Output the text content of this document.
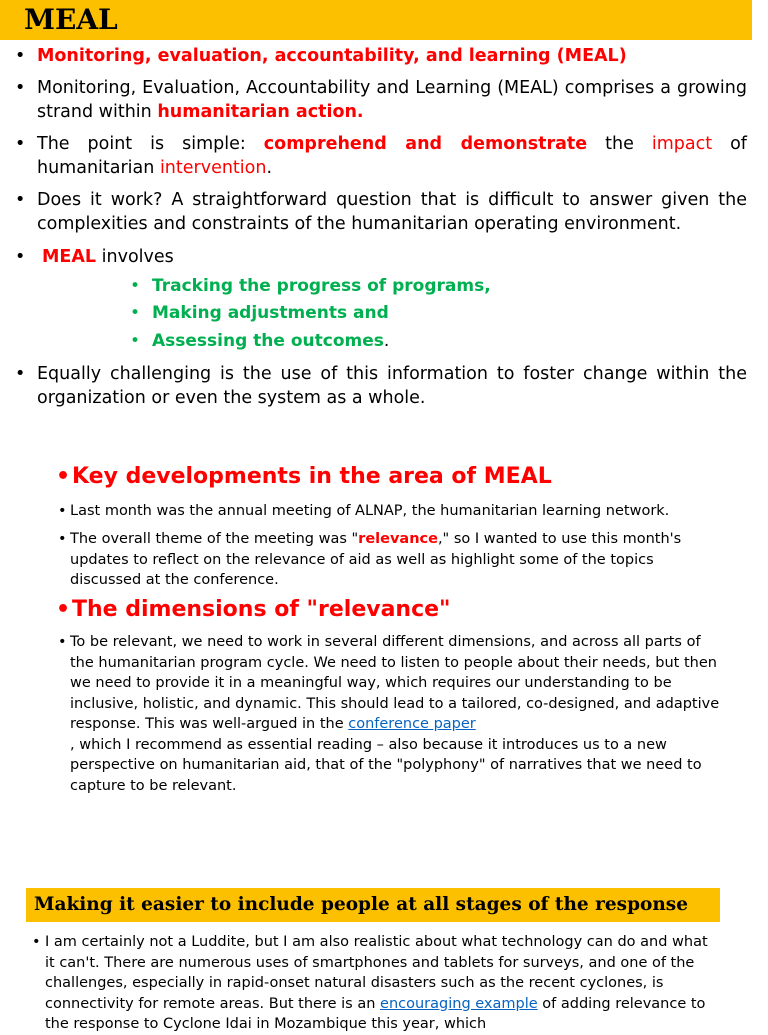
MEAL
• Monitoring, evaluation, accountability, and learning (MEAL)
• Monitoring, Evaluation, Accountability and Learning (MEAL) comprises a growing strand within humanitarian action.
• The point is simple: comprehend and demonstrate the impact of humanitarian intervention.
• Does it work? A straightforward question that is difficult to answer given the complexities and constraints of the humanitarian operating environment.
• MEAL involves
• Tracking the progress of programs,
• Making adjustments and
• Assessing the outcomes.
• Equally challenging is the use of this information to foster change within the organization or even the system as a whole.
• Key developments in the area of MEAL
• Last month was the annual meeting of ALNAP, the humanitarian learning network.
• The overall theme of the meeting was "relevance," so I wanted to use this month's updates to reflect on the relevance of aid as well as highlight some of the topics discussed at the conference.
• The dimensions of "relevance"
• To be relevant, we need to work in several different dimensions, and across all parts of the humanitarian program cycle. We need to listen to people about their needs, but then we need to provide it in a meaningful way, which requires our understanding to be inclusive, holistic, and dynamic. This should lead to a tailored, co-designed, and adaptive response. This was well-argued in the conference paper
, which I recommend as essential reading – also because it introduces us to a new perspective on humanitarian aid, that of the "polyphony" of narratives that we need to capture to be relevant.
Making it easier to include people at all stages of the response
• I am certainly not a Luddite, but I am also realistic about what technology can do and what it can't. There are numerous uses of smartphones and tablets for surveys, and one of the challenges, especially in rapid-onset natural disasters such as the recent cyclones, is connectivity for remote areas. But there is an encouraging example of adding relevance to the response to Cyclone Idai in Mozambique this year, which
